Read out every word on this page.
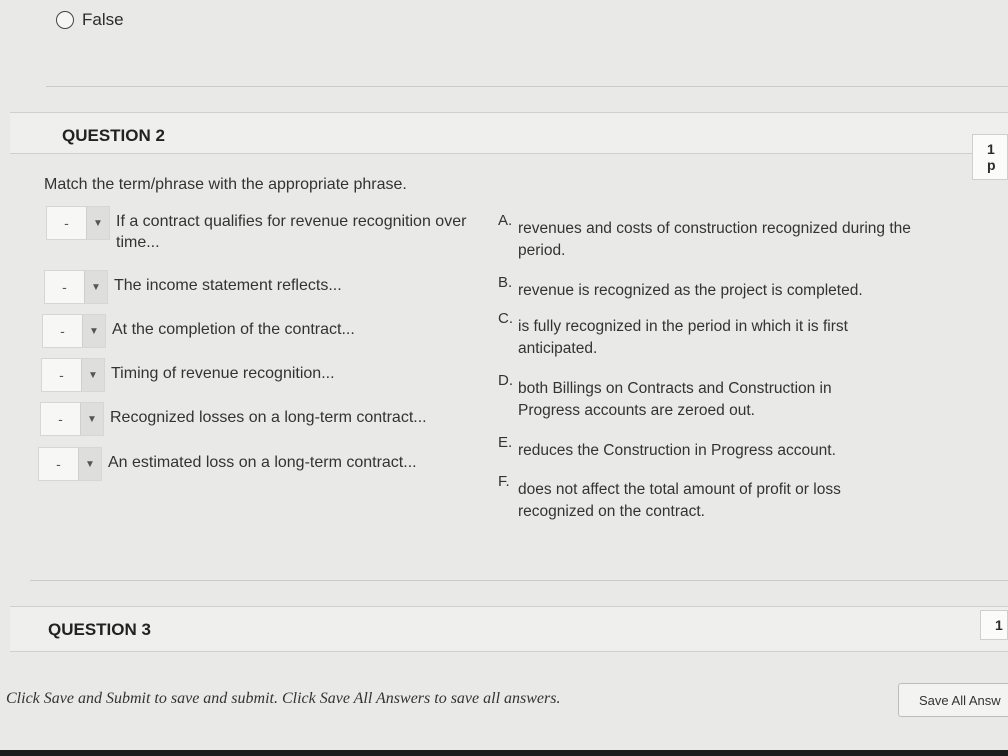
False
QUESTION 2
1 p
Match the term/phrase with the appropriate phrase.
-	▼ If a contract qualifies for revenue recognition over time...
-	▼ The income statement reflects...
-	▼ At the completion of the contract...
-	▼ Timing of revenue recognition...
-	▼ Recognized losses on a long-term contract...
-	▼ An estimated loss on a long-term contract...
A. revenues and costs of construction recognized during the period.
B. revenue is recognized as the project is completed.
C. is fully recognized in the period in which it is first anticipated.
D. both Billings on Contracts and Construction in Progress accounts are zeroed out.
E. reduces the Construction in Progress account.
F. does not affect the total amount of profit or loss recognized on the contract.
QUESTION 3	1
Click Save and Submit to save and submit. Click Save All Answers to save all answers.	Save All Answ
